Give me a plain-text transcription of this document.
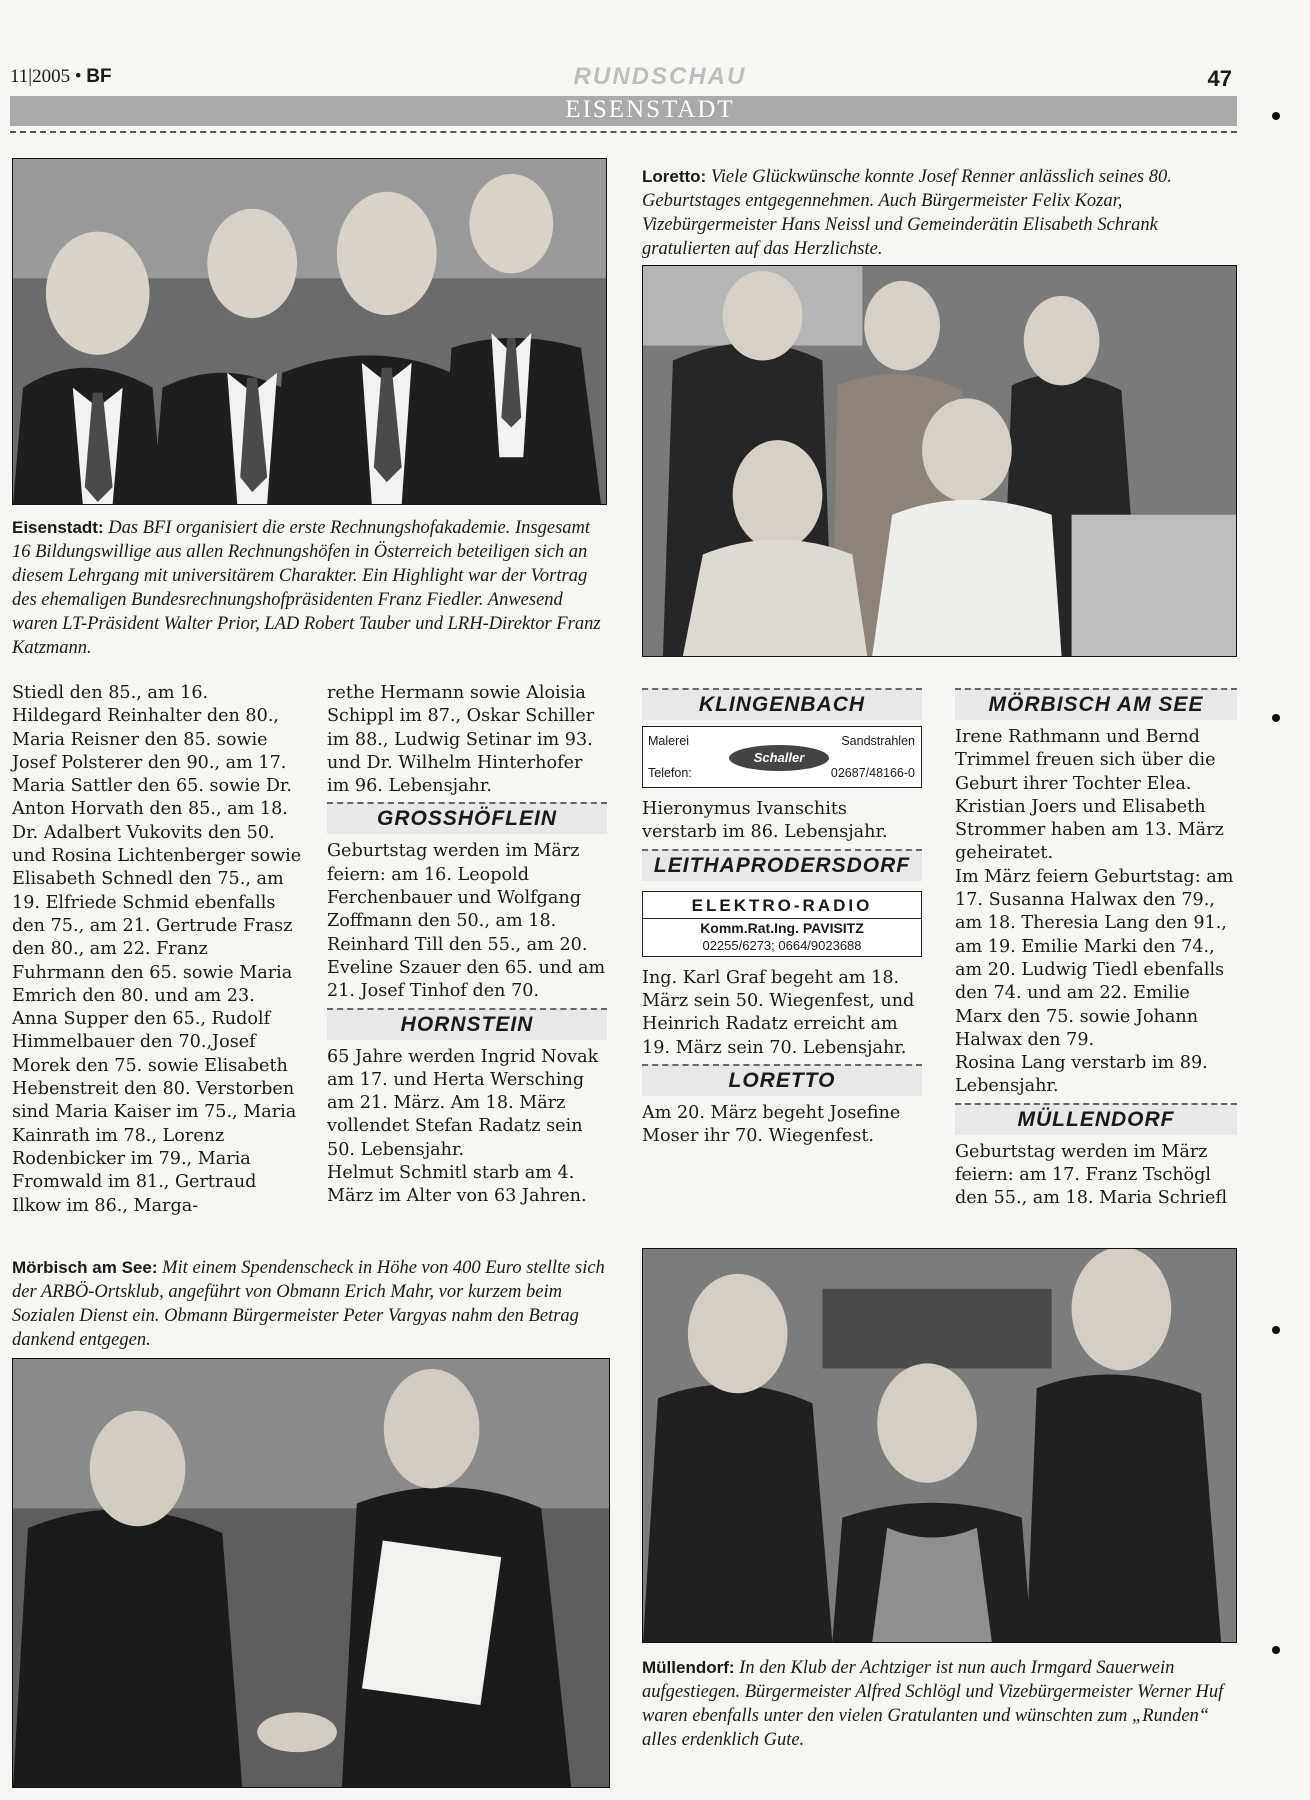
11|2005 • BF	RUNDSCHAU	47
EISENSTADT
Eisenstadt: Das BFI organisiert die erste Rechnungshofakademie. Insgesamt 16 Bildungswillige aus allen Rechnungshöfen in Österreich beteiligen sich an diesem Lehrgang mit universitärem Charakter. Ein Highlight war der Vortrag des ehemaligen Bundesrechnungshofpräsidenten Franz Fiedler. Anwesend waren LT-Präsident Walter Prior, LAD Robert Tauber und LRH-Direktor Franz Katzmann.
Loretto: Viele Glückwünsche konnte Josef Renner anlässlich seines 80. Geburtstages entgegennehmen. Auch Bürgermeister Felix Kozar, Vizebürgermeister Hans Neissl und Gemeinderätin Elisabeth Schrank gratulierten auf das Herzlichste.

Stiedl den 85., am 16. Hildegard Reinhalter den 80., Maria Reisner den 85. sowie Josef Polsterer den 90., am 17. Maria Sattler den 65. sowie Dr. Anton Horvath den 85., am 18. Dr. Adalbert Vukovits den 50. und Rosina Lichtenberger sowie Elisabeth Schnedl den 75., am 19. Elfriede Schmid ebenfalls den 75., am 21. Gertrude Frasz den 80., am 22. Franz Fuhrmann den 65. sowie Maria Emrich den 80. und am 23. Anna Supper den 65., Rudolf Himmelbauer den 70.,Josef Morek den 75. sowie Elisabeth Hebenstreit den 80. Verstorben sind Maria Kaiser im 75., Maria Kainrath im 78., Lorenz Rodenbicker im 79., Maria Fromwald im 81., Gertraud Ilkow im 86., Marga-

rethe Hermann sowie Aloisia Schippl im 87., Oskar Schiller im 88., Ludwig Setinar im 93. und Dr. Wilhelm Hinterhofer im 96. Lebensjahr.

GROSSHÖFLEIN

Geburtstag werden im März feiern: am 16. Leopold Ferchenbauer und Wolfgang Zoffmann den 50., am 18. Reinhard Till den 55., am 20. Eveline Szauer den 65. und am 21. Josef Tinhof den 70.

HORNSTEIN

65 Jahre werden Ingrid Novak am 17. und Herta Wersching am 21. März. Am 18. März vollendet Stefan Radatz sein 50. Lebensjahr.

Helmut Schmitl starb am 4. März im Alter von 63 Jahren.

KLINGENBACH
Malerei	Sandstrahlen
Schaller
Telefon:	02687/48166-0

Hieronymus Ivanschits verstarb im 86. Lebensjahr.

LEITHAPRODERSDORF
ELEKTRO-RADIO
Komm.Rat.Ing. PAVISITZ
02255/6273; 0664/9023688

Ing. Karl Graf begeht am 18. März sein 50. Wiegenfest, und Heinrich Radatz erreicht am 19. März sein 70. Lebensjahr.

LORETTO

Am 20. März begeht Josefine Moser ihr 70. Wiegenfest.

MÖRBISCH AM SEE

Irene Rathmann und Bernd Trimmel freuen sich über die Geburt ihrer Tochter Elea. Kristian Joers und Elisabeth Strommer haben am 13. März geheiratet.

Im März feiern Geburtstag: am 17. Susanna Halwax den 79., am 18. Theresia Lang den 91., am 19. Emilie Marki den 74., am 20. Ludwig Tiedl ebenfalls den 74. und am 22. Emilie Marx den 75. sowie Johann Halwax den 79.

Rosina Lang verstarb im 89. Lebensjahr.

MÜLLENDORF

Geburtstag werden im März feiern: am 17. Franz Tschögl den 55., am 18. Maria Schriefl

Mörbisch am See: Mit einem Spendenscheck in Höhe von 400 Euro stellte sich der ARBÖ-Ortsklub, angeführt von Obmann Erich Mahr, vor kurzem beim Sozialen Dienst ein. Obmann Bürgermeister Peter Vargyas nahm den Betrag dankend entgegen.
Müllendorf: In den Klub der Achtziger ist nun auch Irmgard Sauerwein aufgestiegen. Bürgermeister Alfred Schlögl und Vizebürgermeister Werner Huf waren ebenfalls unter den vielen Gratulanten und wünschten zum „Runden“ alles erdenklich Gute.
